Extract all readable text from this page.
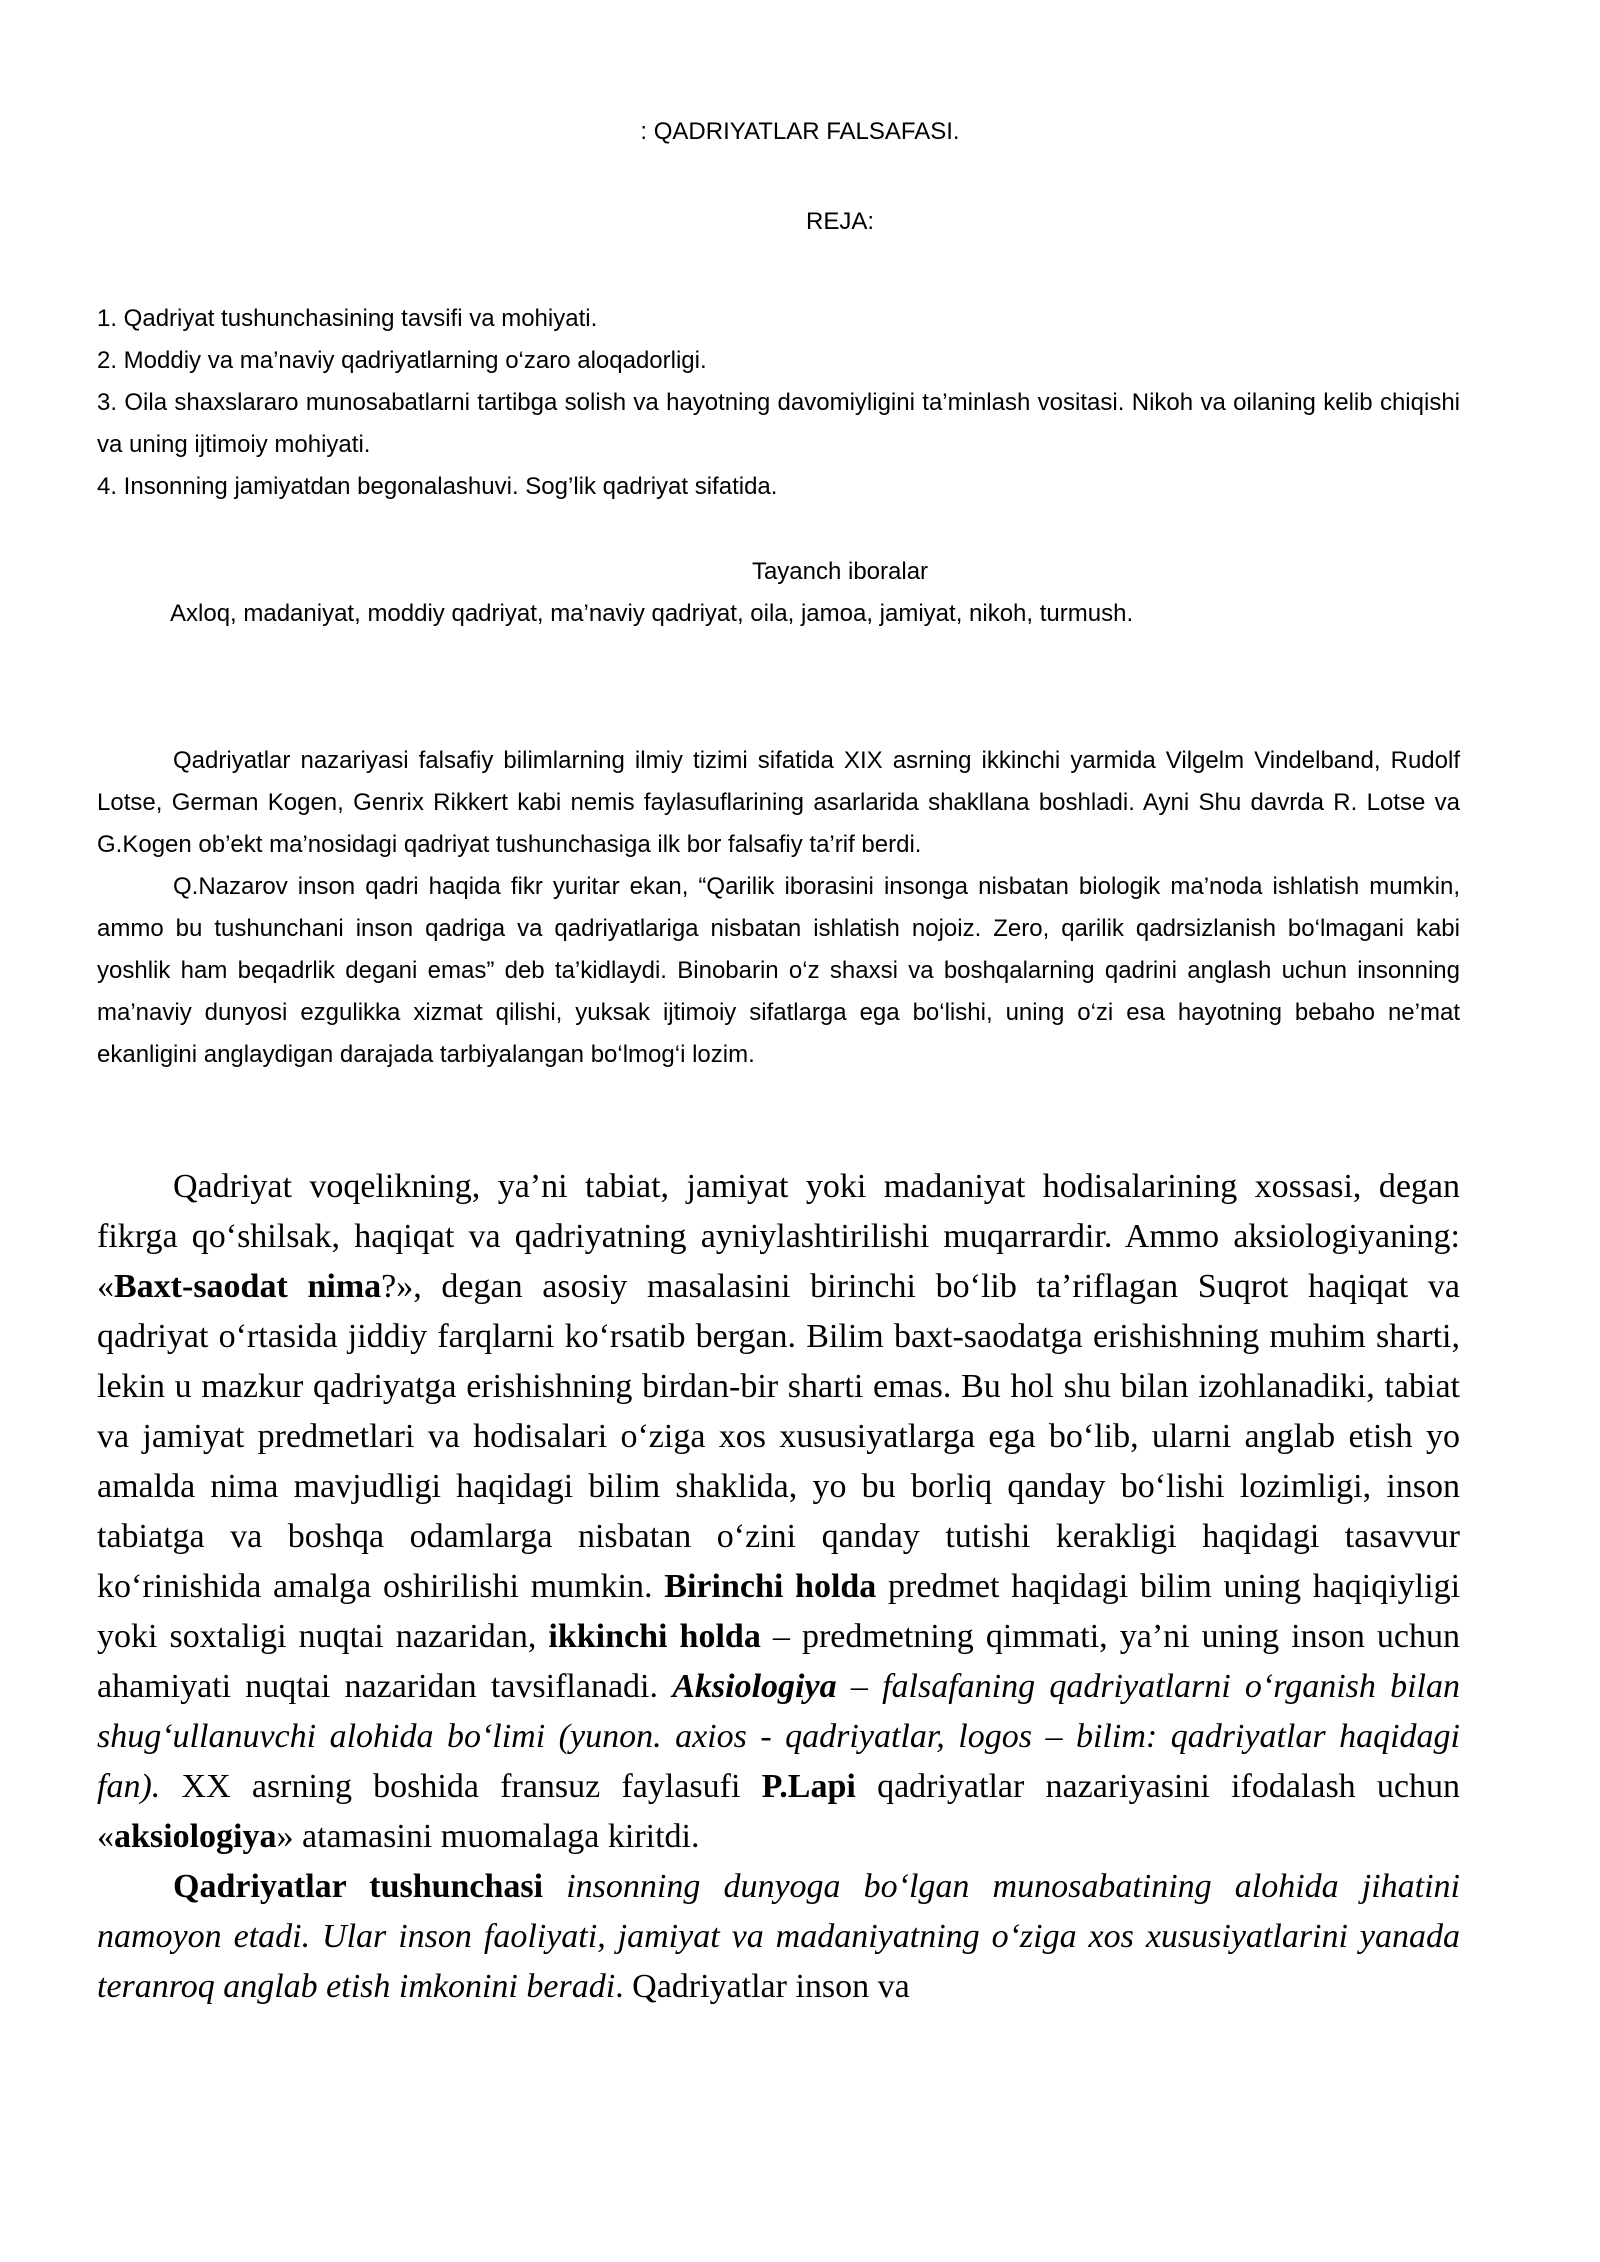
: QADRIYATLAR FALSAFASI.
REJA:
1. Qadriyat tushunchasining tavsifi va mohiyati.
2. Moddiy va ma’naviy qadriyatlarning o‘zaro aloqadorligi.
3. Oila shaxslararo munosabatlarni tartibga solish va hayotning davomiyligini ta’minlash vositasi. Nikoh va oilaning kelib chiqishi va uning ijtimoiy mohiyati.
4. Insonning jamiyatdan begonalashuvi. Sog’lik qadriyat sifatida.
Tayanch iboralar
Axloq, madaniyat, moddiy qadriyat, ma’naviy qadriyat, oila, jamoa, jamiyat, nikoh, turmush.

Qadriyatlar nazariyasi falsafiy bilimlarning ilmiy tizimi sifatida XIX asrning ikkinchi yarmida Vilgelm Vindelband, Rudolf Lotse, German Kogen, Genrix Rikkert kabi nemis faylasuflarining asarlarida shakllana boshladi. Ayni Shu davrda R. Lotse va G.Kogen ob’ekt ma’nosidagi qadriyat tushunchasiga ilk bor falsafiy ta’rif berdi.

Q.Nazarov inson qadri haqida fikr yuritar ekan, “Qarilik iborasini insonga nisbatan biologik ma’noda ishlatish mumkin, ammo bu tushunchani inson qadriga va qadriyatlariga nisbatan ishlatish nojoiz. Zero, qarilik qadrsizlanish bo‘lmagani kabi yoshlik ham beqadrlik degani emas” deb ta’kidlaydi. Binobarin o‘z shaxsi va boshqalarning qadrini anglash uchun insonning ma’naviy dunyosi ezgulikka xizmat qilishi, yuksak ijtimoiy sifatlarga ega bo‘lishi, uning o‘zi esa hayotning bebaho ne’mat ekanligini anglaydigan darajada tarbiyalangan bo‘lmog‘i lozim.

Qadriyat voqelikning, ya’ni tabiat, jamiyat yoki madaniyat hodisalarining xossasi, degan fikrga qo‘shilsak, haqiqat va qadriyatning ayniylashtirilishi muqarrardir. Ammo aksiologiyaning: «Baxt-saodat nima?», degan asosiy masalasini birinchi bo‘lib ta’riflagan Suqrot haqiqat va qadriyat o‘rtasida jiddiy farqlarni ko‘rsatib bergan. Bilim baxt-saodatga erishishning muhim sharti, lekin u mazkur qadriyatga erishishning birdan-bir sharti emas. Bu hol shu bilan izohlanadiki, tabiat va jamiyat predmetlari va hodisalari o‘ziga xos xususiyatlarga ega bo‘lib, ularni anglab etish yo amalda nima mavjudligi haqidagi bilim shaklida, yo bu borliq qanday bo‘lishi lozimligi, inson tabiatga va boshqa odamlarga nisbatan o‘zini qanday tutishi kerakligi haqidagi tasavvur ko‘rinishida amalga oshirilishi mumkin. Birinchi holda predmet haqidagi bilim uning haqiqiyligi yoki soxtaligi nuqtai nazaridan, ikkinchi holda – predmetning qimmati, ya’ni uning inson uchun ahamiyati nuqtai nazaridan tavsiflanadi. Aksiologiya – falsafaning qadriyatlarni o‘rganish bilan shug‘ullanuvchi alohida bo‘limi (yunon. axios - qadriyatlar, logos – bilim: qadriyatlar haqidagi fan). XX asrning boshida fransuz faylasufi P.Lapi qadriyatlar nazariyasini ifodalash uchun «aksiologiya» atamasini muomalaga kiritdi.

Qadriyatlar tushunchasi insonning dunyoga bo‘lgan munosabatining alohida jihatini namoyon etadi. Ular inson faoliyati, jamiyat va madaniyatning o‘ziga xos xususiyatlarini yanada teranroq anglab etish imkonini beradi. Qadriyatlar inson va
